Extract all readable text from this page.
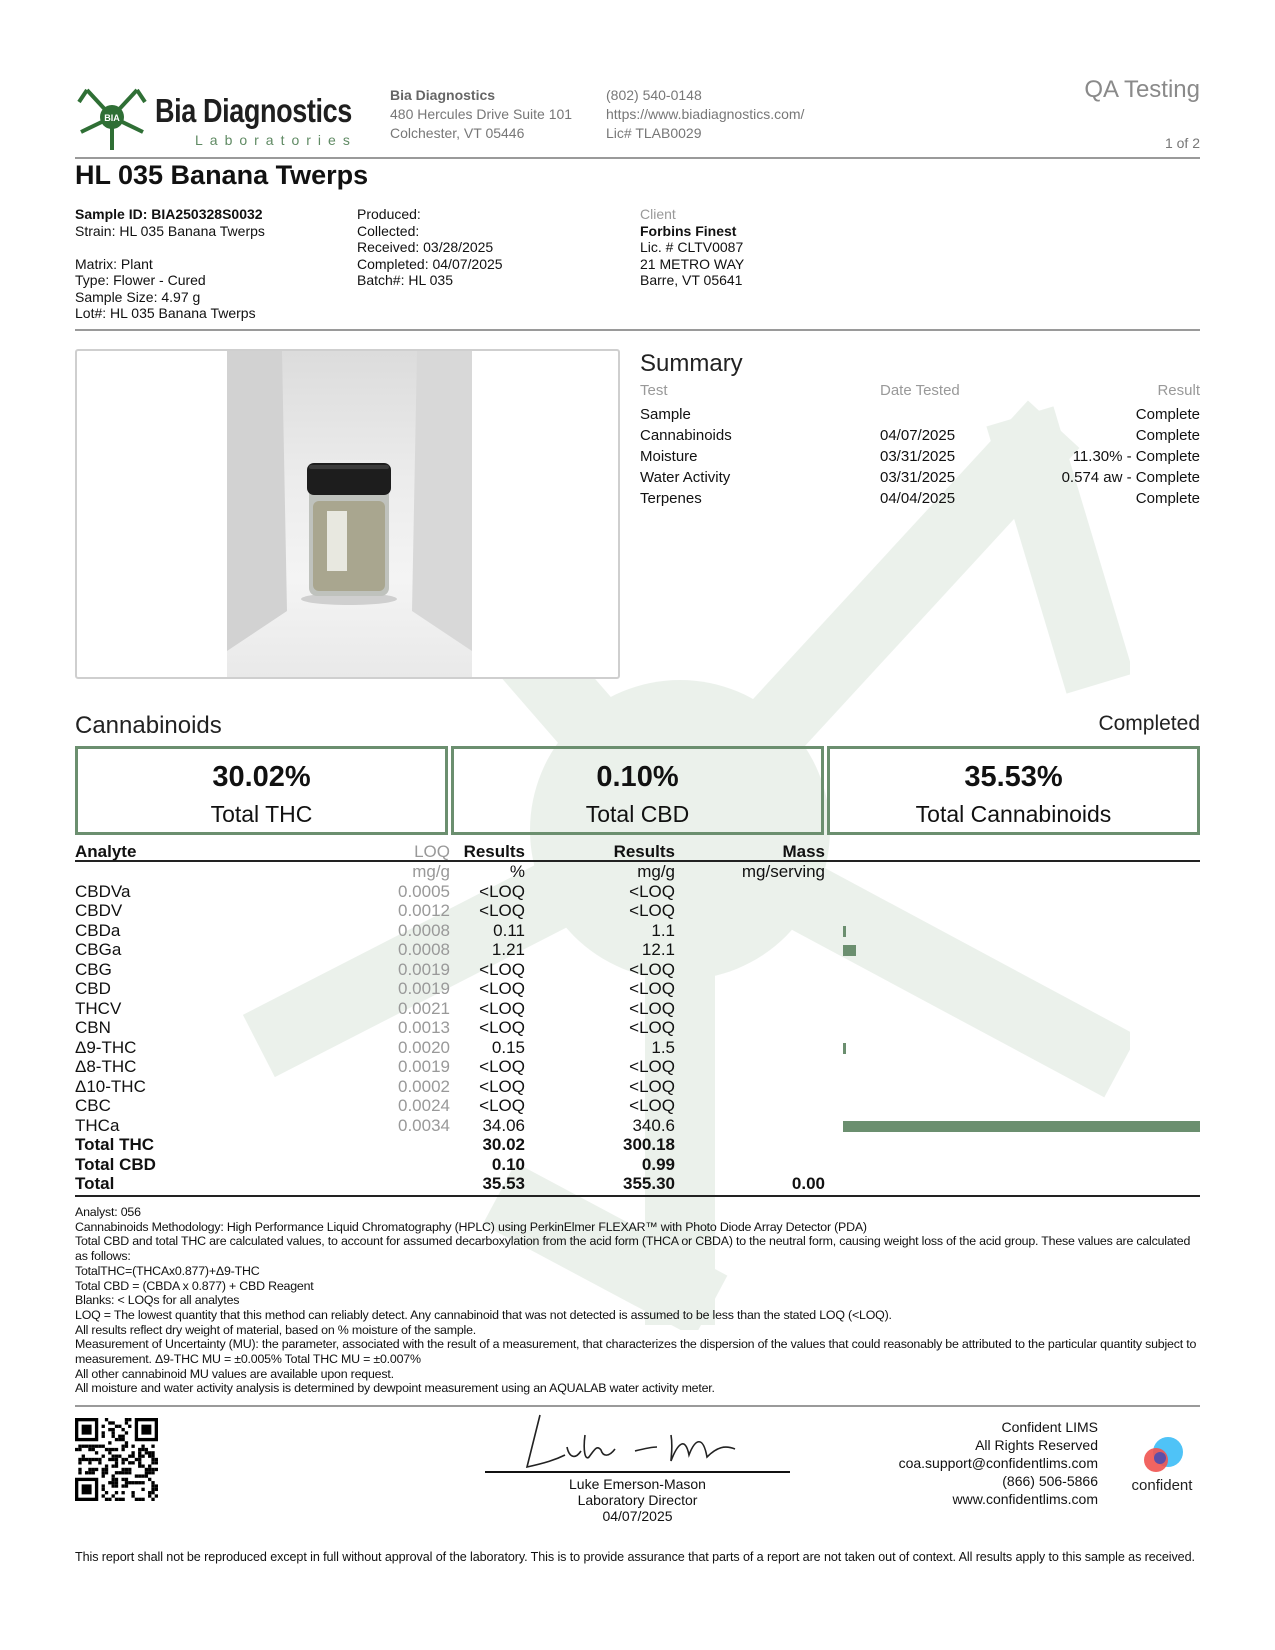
BIA Bia Diagnostics
Laboratories
Bia Diagnostics
480 Hercules Drive Suite 101
Colchester, VT 05446
(802) 540-0148
https://www.biadiagnostics.com/
Lic# TLAB0029
QA Testing
1 of 2
HL 035 Banana Twerps
Sample ID: BIA250328S0032
Strain: HL 035 Banana Twerps
Matrix: Plant
Type: Flower - Cured
Sample Size: 4.97 g
Lot#: HL 035 Banana Twerps
Produced:
Collected:
Received: 03/28/2025
Completed: 04/07/2025
Batch#: HL 035
Client
Forbins Finest
Lic. # CLTV0087
21 METRO WAY
Barre, VT 05641
Summary
Test	Date Tested	Result
Sample	Complete
Cannabinoids	04/07/2025	Complete
Moisture	03/31/2025	11.30% - Complete
Water Activity	03/31/2025	0.574 aw - Complete
Terpenes	04/04/2025	Complete
Cannabinoids	Completed
30.02%
Total THC
0.10%
Total CBD
35.53%
Total Cannabinoids
Analyte	LOQ Results	Results	Mass
mg/g	%	mg/g	mg/serving
CBDVa	0.0005 <LOQ	<LOQ
CBDV	0.0012 <LOQ	<LOQ
CBDa	0.0008	0.11	1.1
CBGa	0.0008 1.21	12.1
CBG	0.0019 <LOQ	<LOQ
CBD	0.0019 <LOQ	<LOQ
THCV	0.0021 <LOQ	<LOQ
CBN	0.0013 <LOQ	<LOQ
Δ9-THC	0.0020 0.15	1.5
Δ8-THC	0.0019 <LOQ	<LOQ
Δ10-THC	0.0002 <LOQ	<LOQ
CBC	0.0024 <LOQ	<LOQ
THCa	0.0034 34.06	340.6
Total THC	30.02	300.18
Total CBD	0.10	0.99
Total	35.53	355.30	0.00
Analyst: 056
Cannabinoids Methodology: High Performance Liquid Chromatography (HPLC) using PerkinElmer FLEXAR™ with Photo Diode Array Detector (PDA)
Total CBD and total THC are calculated values, to account for assumed decarboxylation from the acid form (THCA or CBDA) to the neutral form, causing weight loss of the acid group. These values are calculated as follows:
TotalTHC=(THCAx0.877)+Δ9-THC
Total CBD = (CBDA x 0.877) + CBD Reagent
Blanks: < LOQs for all analytes
LOQ = The lowest quantity that this method can reliably detect. Any cannabinoid that was not detected is assumed to be less than the stated LOQ (<LOQ).
All results reflect dry weight of material, based on % moisture of the sample.
Measurement of Uncertainty (MU): the parameter, associated with the result of a measurement, that characterizes the dispersion of the values that could reasonably be attributed to the particular quantity subject to measurement. Δ9-THC MU = ±0.005% Total THC MU = ±0.007%
All other cannabinoid MU values are available upon request.
All moisture and water activity analysis is determined by dewpoint measurement using an AQUALAB water activity meter.
Luke Emerson-Mason
Laboratory Director
04/07/2025
Confident LIMS
All Rights Reserved
coa.support@confidentlims.com
(866) 506-5866
www.confidentlims.com
confident
This report shall not be reproduced except in full without approval of the laboratory. This is to provide assurance that parts of a report are not taken out of context. All results apply to this sample as received.
